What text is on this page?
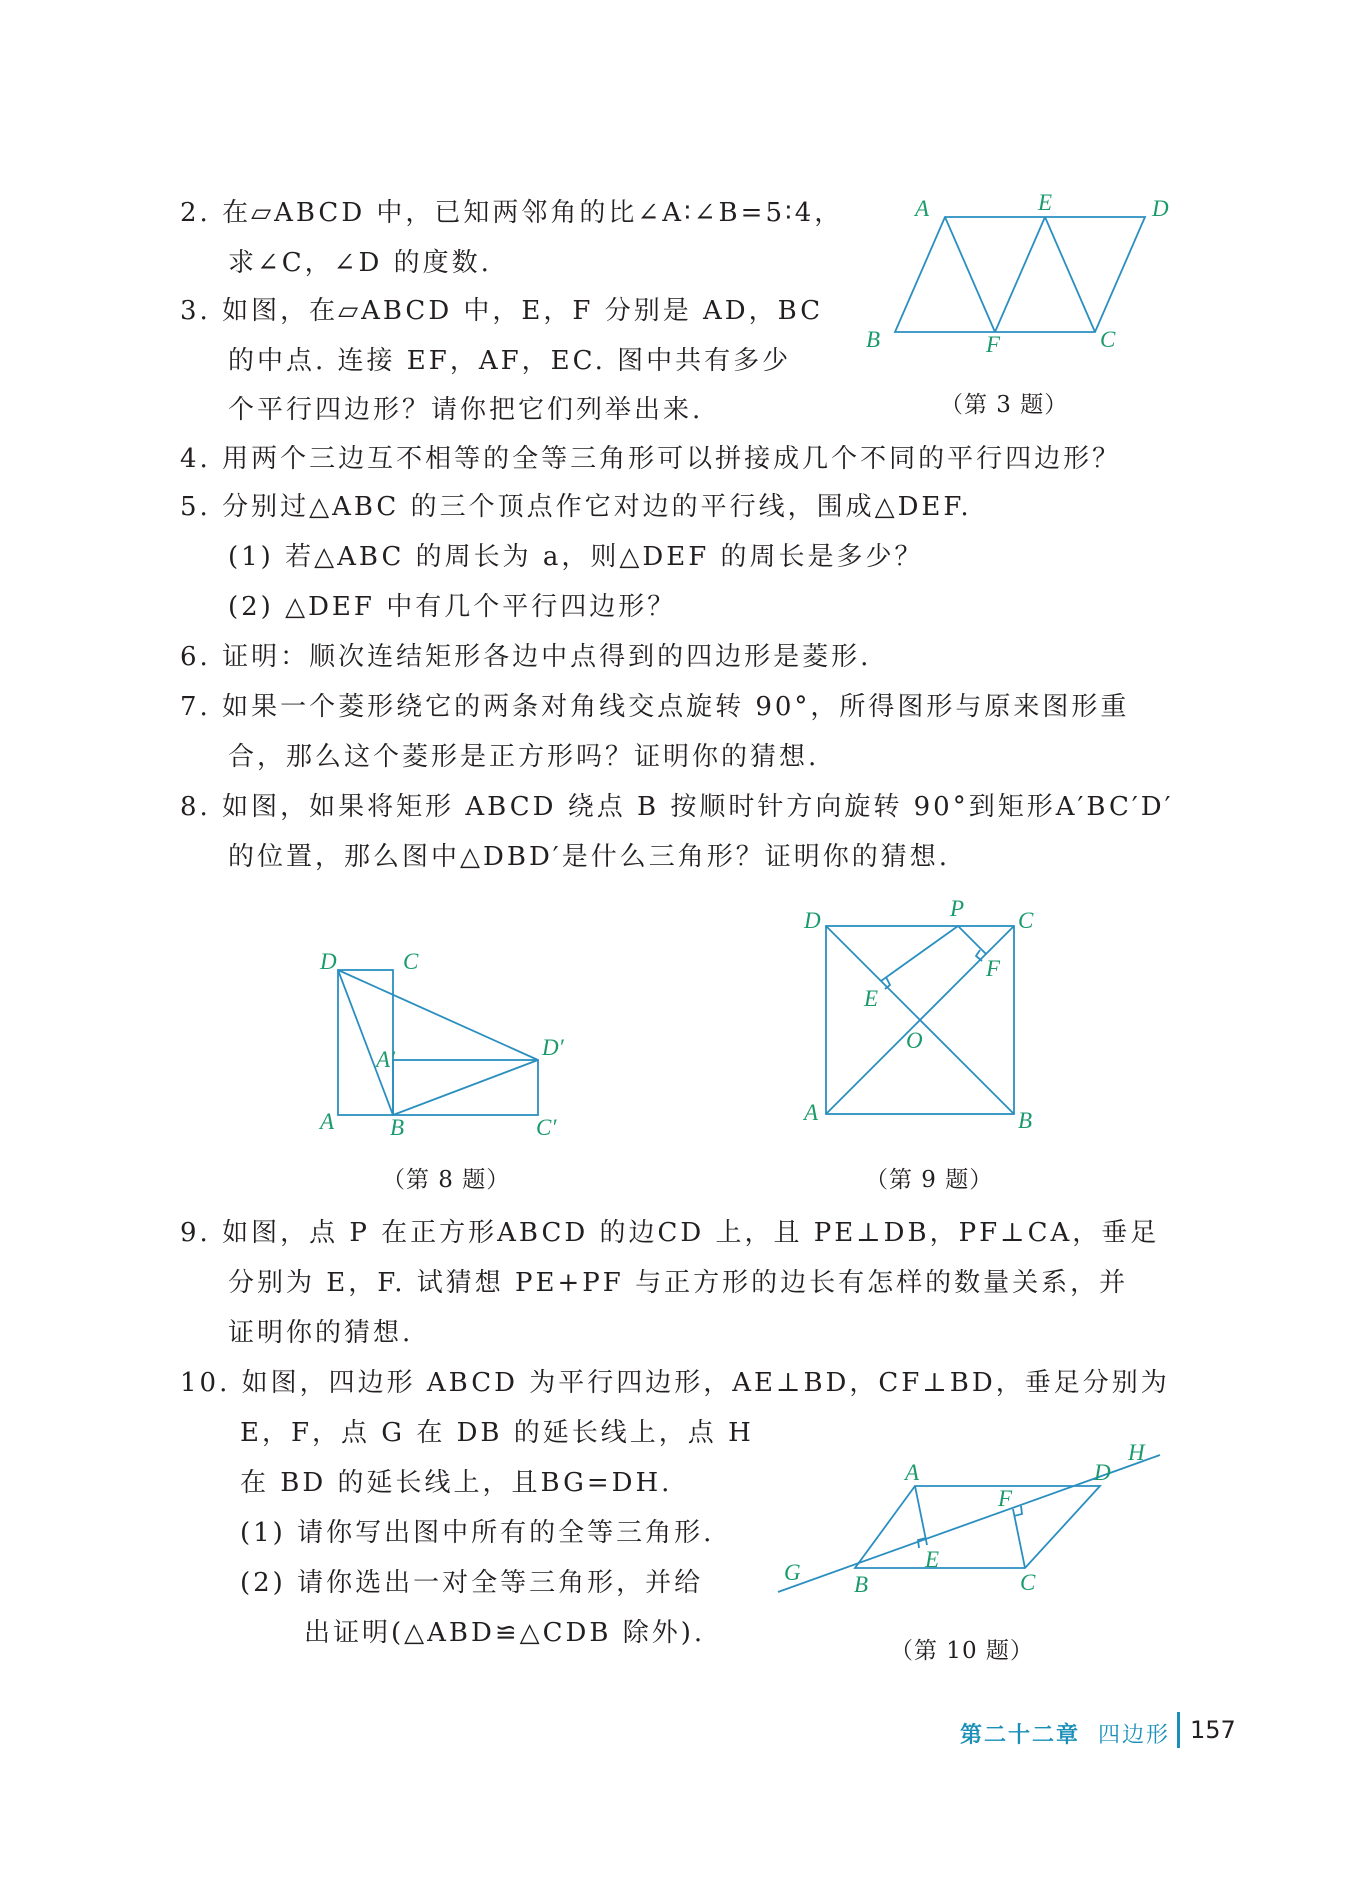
2. 在▱ABCD 中，已知两邻角的比∠A∶∠B=5∶4，
求∠C，∠D 的度数.
3. 如图，在▱ABCD 中，E，F 分别是 AD，BC
的中点. 连接 EF，AF，EC. 图中共有多少
个平行四边形？请你把它们列举出来.
A	E	D
B	F	C
（第 3 题）
4. 用两个三边互不相等的全等三角形可以拼接成几个不同的平行四边形？
5. 分别过△ABC 的三个顶点作它对边的平行线，围成△DEF.
(1) 若△ABC 的周长为 a，则△DEF 的周长是多少？
(2) △DEF 中有几个平行四边形？
6. 证明：顺次连结矩形各边中点得到的四边形是菱形.
7. 如果一个菱形绕它的两条对角线交点旋转 90°，所得图形与原来图形重
合，那么这个菱形是正方形吗？证明你的猜想.
8. 如图，如果将矩形 ABCD 绕点 B 按顺时针方向旋转 90°到矩形A′BC′D′
的位置，那么图中△DBD′是什么三角形？证明你的猜想.
D	C
A′	D′
A B	C′
（第 8 题）
D	P C
F
E
O
A	B
（第 9 题）
9. 如图，点 P 在正方形ABCD 的边CD 上，且 PE⊥DB，PF⊥CA，垂足
分别为 E，F. 试猜想 PE+PF 与正方形的边长有怎样的数量关系，并
证明你的猜想.
10. 如图，四边形 ABCD 为平行四边形，AE⊥BD，CF⊥BD，垂足分别为
E，F，点 G 在 DB 的延长线上，点 H
在 BD 的延长线上，且BG=DH.
(1) 请你写出图中所有的全等三角形.
(2) 请你选出一对全等三角形，并给
出证明(△ABD≌△CDB 除外).
A	D
H
F
E
G B	C
（第 10 题）
第二十二章 四边形 157
